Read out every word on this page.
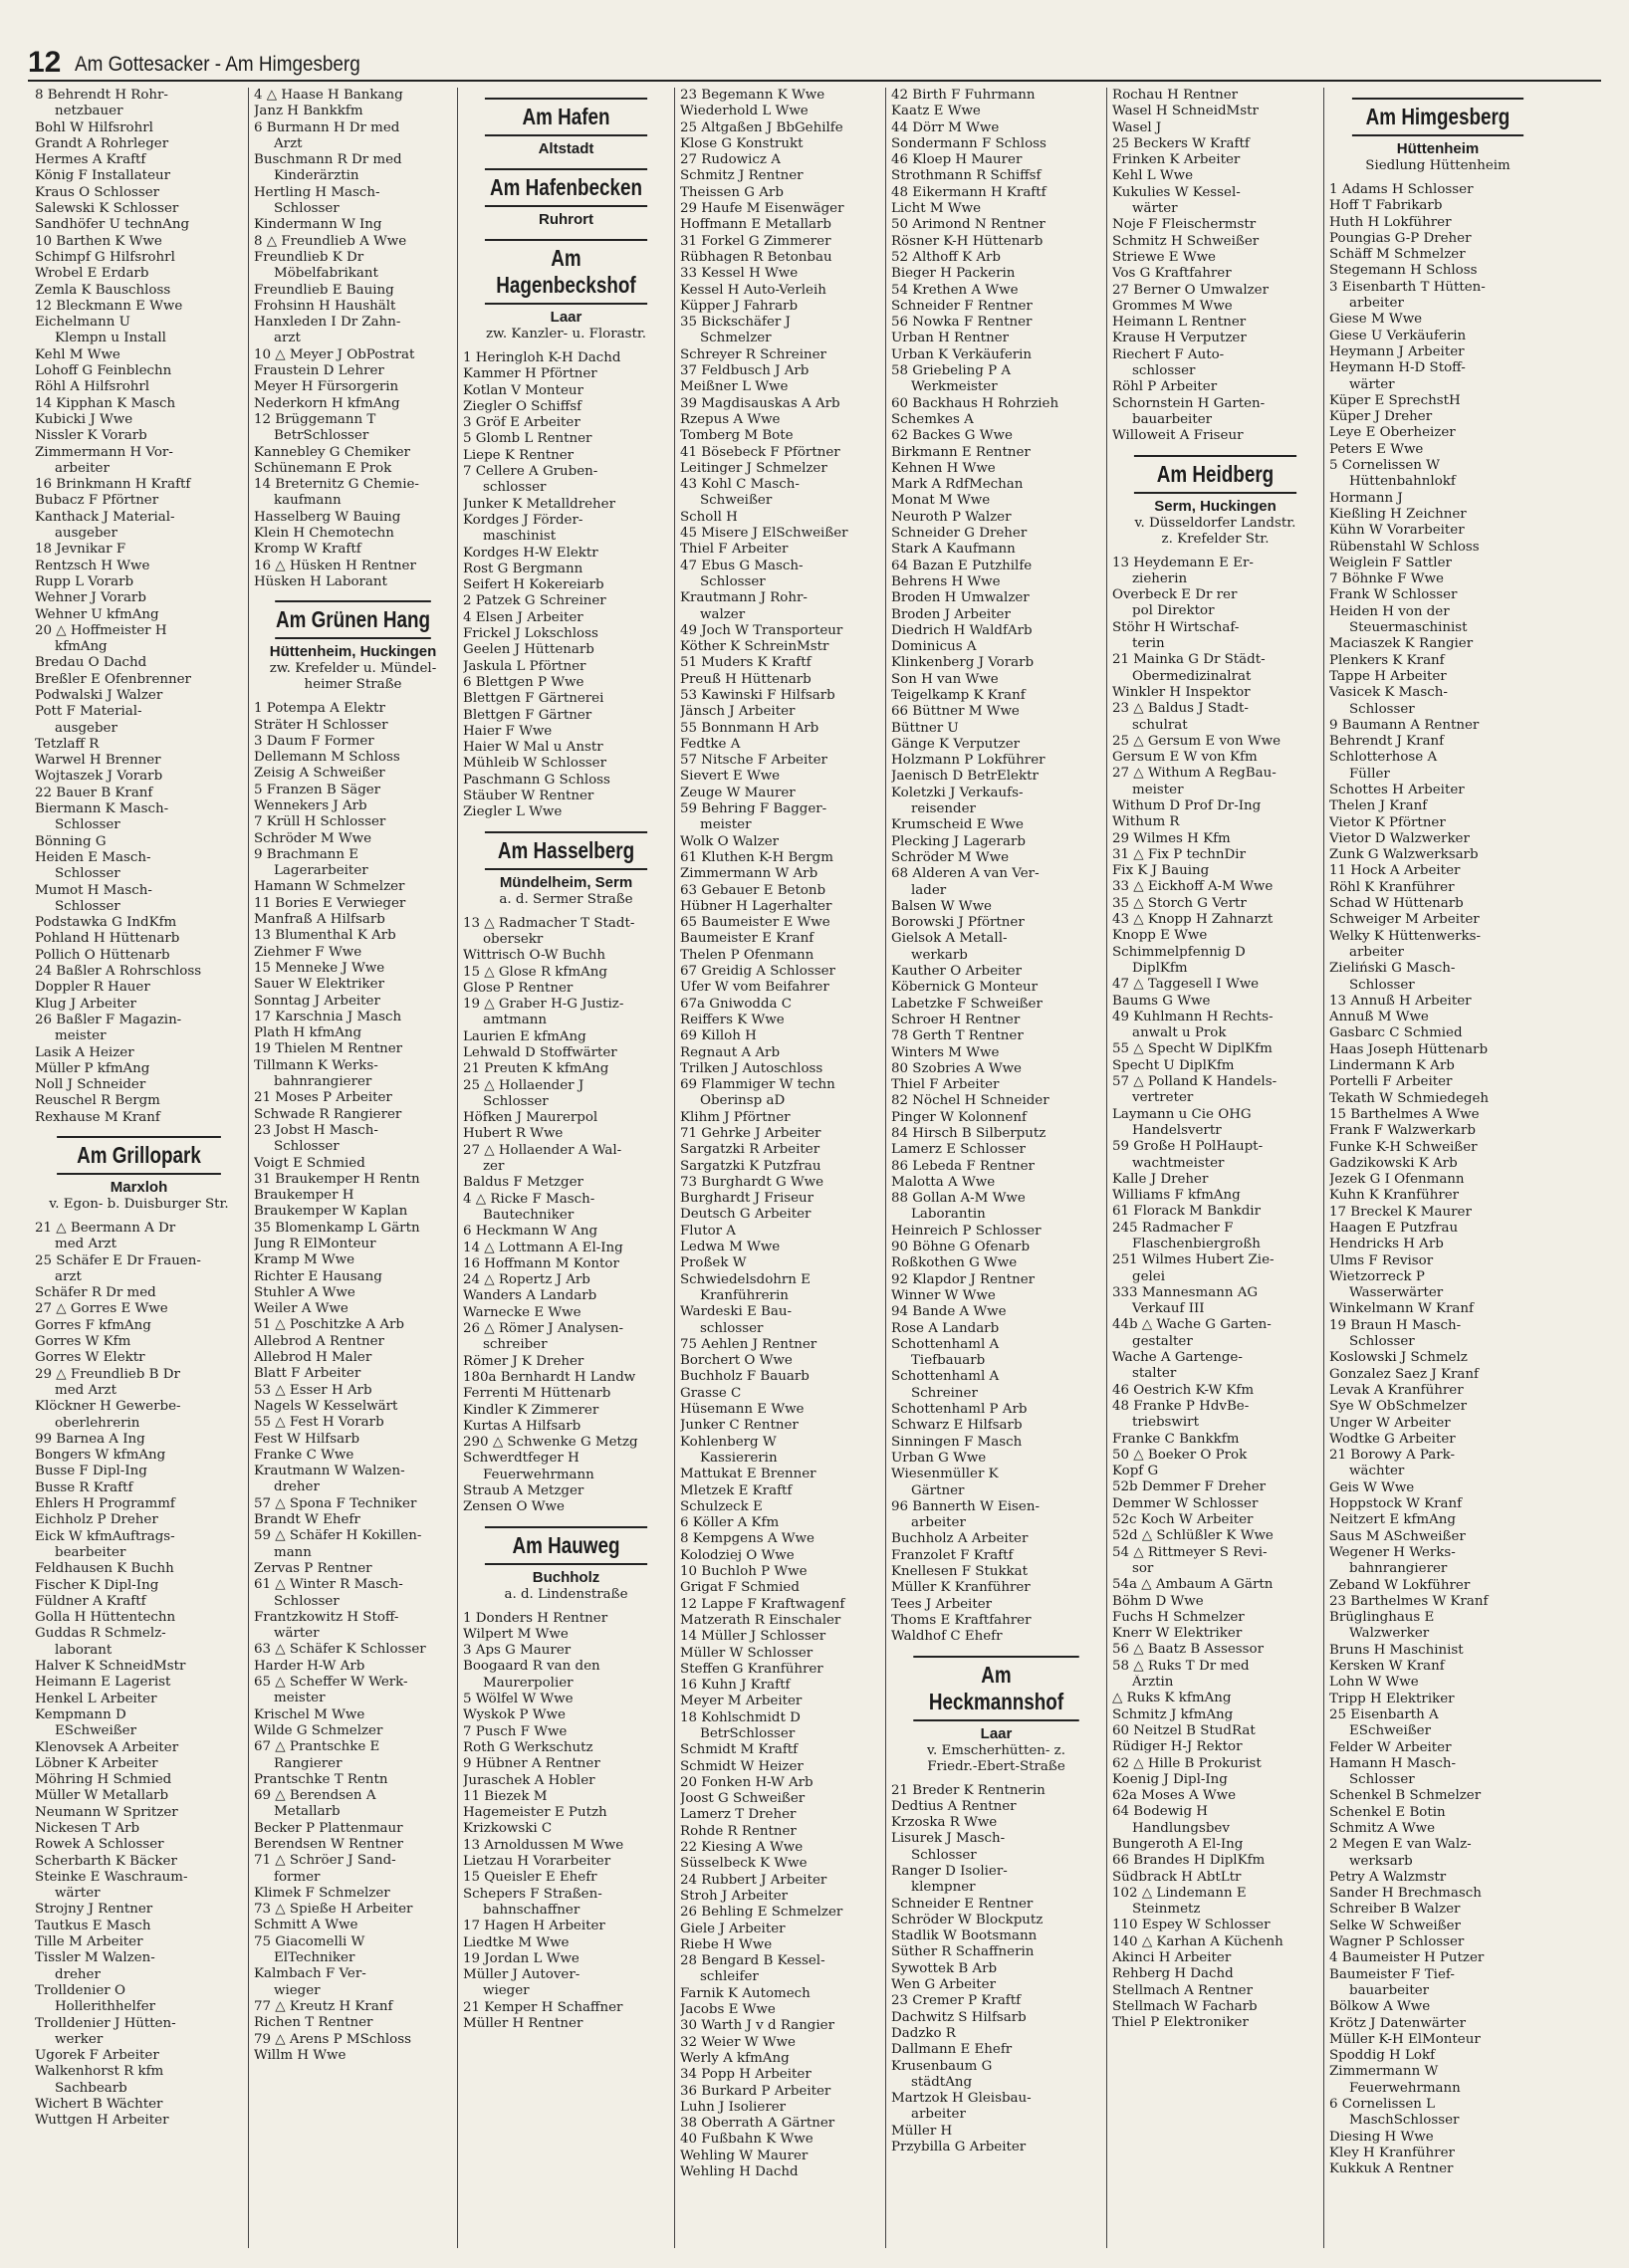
12 Am Gottesacker - Am Himgesberg
8 Behrendt H Rohr-
netzbauer
Bohl W Hilfsrohrl
Grandt A Rohrleger
Hermes A Kraftf
König F Installateur
Kraus O Schlosser
Salewski K Schlosser
Sandhöfer U technAng
10 Barthen K Wwe
Schimpf G Hilfsrohrl
Wrobel E Erdarb
Zemla K Bauschloss
12 Bleckmann E Wwe
Eichelmann U
Klempn u Install
Kehl M Wwe
Lohoff G Feinblechn
Röhl A Hilfsrohrl
14 Kipphan K Masch
Kubicki J Wwe
Nissler K Vorarb
Zimmermann H Vor-
arbeiter
16 Brinkmann H Kraftf
Bubacz F Pförtner
Kanthack J Material-
ausgeber
18 Jevnikar F
Rentzsch H Wwe
Rupp L Vorarb
Wehner J Vorarb
Wehner U kfmAng
20 △ Hoffmeister H
kfmAng
Bredau O Dachd
Breßler E Ofenbrenner
Podwalski J Walzer
Pott F Material-
ausgeber
Tetzlaff R
Warwel H Brenner
Wojtaszek J Vorarb
22 Bauer B Kranf
Biermann K Masch-
Schlosser
Bönning G
Heiden E Masch-
Schlosser
Mumot H Masch-
Schlosser
Podstawka G IndKfm
Pohland H Hüttenarb
Pollich O Hüttenarb
24 Baßler A Rohrschloss
Doppler R Hauer
Klug J Arbeiter
26 Baßler F Magazin-
meister
Lasik A Heizer
Müller P kfmAng
Noll J Schneider
Reuschel R Bergm
Rexhause M Kranf
Am Grillopark
Marxloh
v. Egon- b. Duisburger Str.
21 △ Beermann A Dr
med Arzt
25 Schäfer E Dr Frauen-
arzt
Schäfer R Dr med
27 △ Gorres E Wwe
Gorres F kfmAng
Gorres W Kfm
Gorres W Elektr
29 △ Freundlieb B Dr
med Arzt
Klöckner H Gewerbe-
oberlehrerin
99 Barnea A Ing
Bongers W kfmAng
Busse F Dipl-Ing
Busse R Kraftf
Ehlers H Programmf
Eichholz P Dreher
Eick W kfmAuftrags-
bearbeiter
Feldhausen K Buchh
Fischer K Dipl-Ing
Füldner A Kraftf
Golla H Hüttentechn
Guddas R Schmelz-
laborant
Halver K SchneidMstr
Heimann E Lagerist
Henkel L Arbeiter
Kempmann D
ESchweißer
Klenovsek A Arbeiter
Löbner K Arbeiter
Möhring H Schmied
Müller W Metallarb
Neumann W Spritzer
Nickesen T Arb
Rowek A Schlosser
Scherbarth K Bäcker
Steinke E Waschraum-
wärter
Strojny J Rentner
Tautkus E Masch
Tille M Arbeiter
Tissler M Walzen-
dreher
Trolldenier O
Hollerithhelfer
Trolldenier J Hütten-
werker
Ugorek F Arbeiter
Walkenhorst R kfm
Sachbearb
Wichert B Wächter
Wuttgen H Arbeiter
4 △ Haase H Bankang
Janz H Bankkfm
6 Burmann H Dr med
Arzt
Buschmann R Dr med
Kinderärztin
Hertling H Masch-
Schlosser
Kindermann W Ing
8 △ Freundlieb A Wwe
Freundlieb K Dr
Möbelfabrikant
Freundlieb E Bauing
Frohsinn H Haushält
Hanxleden I Dr Zahn-
arzt
10 △ Meyer J ObPostrat
Fraustein D Lehrer
Meyer H Fürsorgerin
Nederkorn H kfmAng
12 Brüggemann T
BetrSchlosser
Kannebley G Chemiker
Schünemann E Prok
14 Breternitz G Chemie-
kaufmann
Hasselberg W Bauing
Klein H Chemotechn
Kromp W Kraftf
16 △ Hüsken H Rentner
Hüsken H Laborant
Am Grünen Hang
Hüttenheim, Huckingen
zw. Krefelder u. Mündel-
heimer Straße
1 Potempa A Elektr
Sträter H Schlosser
3 Daum F Former
Dellemann M Schloss
Zeisig A Schweißer
5 Franzen B Säger
Wennekers J Arb
7 Krüll H Schlosser
Schröder M Wwe
9 Brachmann E
Lagerarbeiter
Hamann W Schmelzer
11 Bories E Verwieger
Manfraß A Hilfsarb
13 Blumenthal K Arb
Ziehmer F Wwe
15 Menneke J Wwe
Sauer W Elektriker
Sonntag J Arbeiter
17 Karschnia J Masch
Plath H kfmAng
19 Thielen M Rentner
Tillmann K Werks-
bahnrangierer
21 Moses P Arbeiter
Schwade R Rangierer
23 Jobst H Masch-
Schlosser
Voigt E Schmied
31 Braukemper H Rentn
Braukemper H
Braukemper W Kaplan
35 Blomenkamp L Gärtn
Jung R ElMonteur
Kramp M Wwe
Richter E Hausang
Stuhler A Wwe
Weiler A Wwe
51 △ Poschitzke A Arb
Allebrod A Rentner
Allebrod H Maler
Blatt F Arbeiter
53 △ Esser H Arb
Nagels W Kesselwärt
55 △ Fest H Vorarb
Fest W Hilfsarb
Franke C Wwe
Krautmann W Walzen-
dreher
57 △ Spona F Techniker
Brandt W Ehefr
59 △ Schäfer H Kokillen-
mann
Zervas P Rentner
61 △ Winter R Masch-
Schlosser
Frantzkowitz H Stoff-
wärter
63 △ Schäfer K Schlosser
Harder H-W Arb
65 △ Scheffer W Werk-
meister
Krischel M Wwe
Wilde G Schmelzer
67 △ Prantschke E
Rangierer
Prantschke T Rentn
69 △ Berendsen A
Metallarb
Becker P Plattenmaur
Berendsen W Rentner
71 △ Schröer J Sand-
former
Klimek F Schmelzer
73 △ Spieße H Arbeiter
Schmitt A Wwe
75 Giacomelli W
ElTechniker
Kalmbach F Ver-
wieger
77 △ Kreutz H Kranf
Richen T Rentner
79 △ Arens P MSchloss
Willm H Wwe
Am Hafen
Altstadt
Am Hafenbecken
Ruhrort
Am Hagenbeckshof
Laar
zw. Kanzler- u. Florastr.
1 Heringloh K-H Dachd
Kammer H Pförtner
Kotlan V Monteur
Ziegler O Schiffsf
3 Gröf E Arbeiter
5 Glomb L Rentner
Liepe K Rentner
7 Cellere A Gruben-
schlosser
Junker K Metalldreher
Kordges J Förder-
maschinist
Kordges H-W Elektr
Rost G Bergmann
Seifert H Kokereiarb
2 Patzek G Schreiner
4 Elsen J Arbeiter
Frickel J Lokschloss
Geelen J Hüttenarb
Jaskula L Pförtner
6 Blettgen P Wwe
Blettgen F Gärtnerei
Blettgen F Gärtner
Haier F Wwe
Haier W Mal u Anstr
Mühleib W Schlosser
Paschmann G Schloss
Stäuber W Rentner
Ziegler L Wwe
Am Hasselberg
Mündelheim, Serm
a. d. Sermer Straße
13 △ Radmacher T Stadt-
obersekr
Wittrisch O-W Buchh
15 △ Glose R kfmAng
Glose P Rentner
19 △ Graber H-G Justiz-
amtmann
Laurien E kfmAng
Lehwald D Stoffwärter
21 Preuten K kfmAng
25 △ Hollaender J
Schlosser
Höfken J Maurerpol
Hubert R Wwe
27 △ Hollaender A Wal-
zer
Baldus F Metzger
4 △ Ricke F Masch-
Bautechniker
6 Heckmann W Ang
14 △ Lottmann A El-Ing
16 Hoffmann M Kontor
24 △ Ropertz J Arb
Wanders A Landarb
Warnecke E Wwe
26 △ Römer J Analysen-
schreiber
Römer J K Dreher
180a Bernhardt H Landw
Ferrenti M Hüttenarb
Kindler K Zimmerer
Kurtas A Hilfsarb
290 △ Schwenke G Metzg
Schwerdtfeger H
Feuerwehrmann
Straub A Metzger
Zensen O Wwe
Am Hauweg
Buchholz
a. d. Lindenstraße
1 Donders H Rentner
Wilpert M Wwe
3 Aps G Maurer
Boogaard R van den
Maurerpolier
5 Wölfel W Wwe
Wyskok P Wwe
7 Pusch F Wwe
Roth G Werkschutz
9 Hübner A Rentner
Juraschek A Hobler
11 Biezek M
Hagemeister E Putzh
Krizkowski C
13 Arnoldussen M Wwe
Lietzau H Vorarbeiter
15 Queisler E Ehefr
Schepers F Straßen-
bahnschaffner
17 Hagen H Arbeiter
Liedtke M Wwe
19 Jordan L Wwe
Müller J Autover-
wieger
21 Kemper H Schaffner
Müller H Rentner
23 Begemann K Wwe
Wiederhold L Wwe
25 Altgaßen J BbGehilfe
Klose G Konstrukt
27 Rudowicz A
Schmitz J Rentner
Theissen G Arb
29 Haufe M Eisenwäger
Hoffmann E Metallarb
31 Forkel G Zimmerer
Rübhagen R Betonbau
33 Kessel H Wwe
Kessel H Auto-Verleih
Küpper J Fahrarb
35 Bickschäfer J
Schmelzer
Schreyer R Schreiner
37 Feldbusch J Arb
Meißner L Wwe
39 Magdisauskas A Arb
Rzepus A Wwe
Tomberg M Bote
41 Bösebeck F Pförtner
Leitinger J Schmelzer
43 Kohl C Masch-
Schweißer
Scholl H
45 Misere J ElSchweißer
Thiel F Arbeiter
47 Ebus G Masch-
Schlosser
Krautmann J Rohr-
walzer
49 Joch W Transporteur
Köther K SchreinMstr
51 Muders K Kraftf
Preuß H Hüttenarb
53 Kawinski F Hilfsarb
Jänsch J Arbeiter
55 Bonnmann H Arb
Fedtke A
57 Nitsche F Arbeiter
Sievert E Wwe
Zeuge W Maurer
59 Behring F Bagger-
meister
Wolk O Walzer
61 Kluthen K-H Bergm
Zimmermann W Arb
63 Gebauer E Betonb
Hübner H Lagerhalter
65 Baumeister E Wwe
Baumeister E Kranf
Thelen P Ofenmann
67 Greidig A Schlosser
Ufer W vom Beifahrer
67a Gniwodda C
Reiffers K Wwe
69 Killoh H
Regnaut A Arb
Trilken J Autoschloss
69 Flammiger W techn
Oberinsp aD
Klihm J Pförtner
71 Gehrke J Arbeiter
Sargatzki R Arbeiter
Sargatzki K Putzfrau
73 Burghardt G Wwe
Burghardt J Friseur
Deutsch G Arbeiter
Flutor A
Ledwa M Wwe
Proßek W
Schwiedelsdohrn E
Kranführerin
Wardeski E Bau-
schlosser
75 Aehlen J Rentner
Borchert O Wwe
Buchholz F Bauarb
Grasse C
Hüsemann E Wwe
Junker C Rentner
Kohlenberg W
Kassiererin
Mattukat E Brenner
Mletzek E Kraftf
Schulzeck E
6 Köller A Kfm
8 Kempgens A Wwe
Kolodziej O Wwe
10 Buchloh P Wwe
Grigat F Schmied
12 Lappe F Kraftwagenf
Matzerath R Einschaler
14 Müller J Schlosser
Müller W Schlosser
Steffen G Kranführer
16 Kuhn J Kraftf
Meyer M Arbeiter
18 Kohlschmidt D
BetrSchlosser
Schmidt M Kraftf
Schmidt W Heizer
20 Fonken H-W Arb
Joost G Schweißer
Lamerz T Dreher
Rohde R Rentner
22 Kiesing A Wwe
Süsselbeck K Wwe
24 Rubbert J Arbeiter
Stroh J Arbeiter
26 Behling E Schmelzer
Giele J Arbeiter
Riebe H Wwe
28 Bengard B Kessel-
schleifer
Farnik K Automech
Jacobs E Wwe
30 Warth J v d Rangier
32 Weier W Wwe
Werly A kfmAng
34 Popp H Arbeiter
36 Burkard P Arbeiter
Luhn J Isolierer
38 Oberrath A Gärtner
40 Fußbahn K Wwe
Wehling W Maurer
Wehling H Dachd
42 Birth F Fuhrmann
Kaatz E Wwe
44 Dörr M Wwe
Sondermann F Schloss
46 Kloep H Maurer
Strothmann R Schiffsf
48 Eikermann H Kraftf
Licht M Wwe
50 Arimond N Rentner
Rösner K-H Hüttenarb
52 Althoff K Arb
Bieger H Packerin
54 Krethen A Wwe
Schneider F Rentner
56 Nowka F Rentner
Urban H Rentner
Urban K Verkäuferin
58 Griebeling P A
Werkmeister
60 Backhaus H Rohrzieh
Schemkes A
62 Backes G Wwe
Birkmann E Rentner
Kehnen H Wwe
Mark A RdfMechan
Monat M Wwe
Neuroth P Walzer
Schneider G Dreher
Stark A Kaufmann
64 Bazan E Putzhilfe
Behrens H Wwe
Broden H Umwalzer
Broden J Arbeiter
Diedrich H WaldfArb
Dominicus A
Klinkenberg J Vorarb
Son H van Wwe
Teigelkamp K Kranf
66 Büttner M Wwe
Büttner U
Gänge K Verputzer
Holzmann P Lokführer
Jaenisch D BetrElektr
Koletzki J Verkaufs-
reisender
Krumscheid E Wwe
Plecking J Lagerarb
Schröder M Wwe
68 Alderen A van Ver-
lader
Balsen W Wwe
Borowski J Pförtner
Gielsok A Metall-
werkarb
Kauther O Arbeiter
Köbernick G Monteur
Labetzke F Schweißer
Schroer H Rentner
78 Gerth T Rentner
Winters M Wwe
80 Szobries A Wwe
Thiel F Arbeiter
82 Nöchel H Schneider
Pinger W Kolonnenf
84 Hirsch B Silberputz
Lamerz E Schlosser
86 Lebeda F Rentner
Malotta A Wwe
88 Gollan A-M Wwe
Laborantin
Heinreich P Schlosser
90 Böhne G Ofenarb
Roßkothen G Wwe
92 Klapdor J Rentner
Winner W Wwe
94 Bande A Wwe
Rose A Landarb
Schottenhaml A
Tiefbauarb
Schottenhaml A
Schreiner
Schottenhaml P Arb
Schwarz E Hilfsarb
Sinningen F Masch
Urban G Wwe
Wiesenmüller K
Gärtner
96 Bannerth W Eisen-
arbeiter
Buchholz A Arbeiter
Franzolet F Kraftf
Knellesen F Stukkat
Müller K Kranführer
Tees J Arbeiter
Thoms E Kraftfahrer
Waldhof C Ehefr
Am Heckmannshof
Laar
v. Emscherhütten- z.
Friedr.-Ebert-Straße
21 Breder K Rentnerin
Dedtius A Rentner
Krzoska R Wwe
Lisurek J Masch-
Schlosser
Ranger D Isolier-
klempner
Schneider E Rentner
Schröder W Blockputz
Stadlik W Bootsmann
Süther R Schaffnerin
Sywottek B Arb
Wen G Arbeiter
23 Cremer P Kraftf
Dachwitz S Hilfsarb
Dadzko R
Dallmann E Ehefr
Krusenbaum G
städtAng
Martzok H Gleisbau-
arbeiter
Müller H
Przybilla G Arbeiter
Rochau H Rentner
Wasel H SchneidMstr
Wasel J
25 Beckers W Kraftf
Frinken K Arbeiter
Kehl L Wwe
Kukulies W Kessel-
wärter
Noje F Fleischermstr
Schmitz H Schweißer
Striewe E Wwe
Vos G Kraftfahrer
27 Berner O Umwalzer
Grommes M Wwe
Heimann L Rentner
Krause H Verputzer
Riechert F Auto-
schlosser
Röhl P Arbeiter
Schornstein H Garten-
bauarbeiter
Willoweit A Friseur
Am Heidberg
Serm, Huckingen
v. Düsseldorfer Landstr.
z. Krefelder Str.
13 Heydemann E Er-
zieherin
Overbeck E Dr rer
pol Direktor
Stöhr H Wirtschaf-
terin
21 Mainka G Dr Städt-
Obermedizinalrat
Winkler H Inspektor
23 △ Baldus J Stadt-
schulrat
25 △ Gersum E von Wwe
Gersum E W von Kfm
27 △ Withum A RegBau-
meister
Withum D Prof Dr-Ing
Withum R
29 Wilmes H Kfm
31 △ Fix P technDir
Fix K J Bauing
33 △ Eickhoff A-M Wwe
35 △ Storch G Vertr
43 △ Knopp H Zahnarzt
Knopp E Wwe
Schimmelpfennig D
DiplKfm
47 △ Taggesell I Wwe
Baums G Wwe
49 Kuhlmann H Rechts-
anwalt u Prok
55 △ Specht W DiplKfm
Specht U DiplKfm
57 △ Polland K Handels-
vertreter
Laymann u Cie OHG
Handelsvertr
59 Große H PolHaupt-
wachtmeister
Kalle J Dreher
Williams F kfmAng
61 Florack M Bankdir
245 Radmacher F
Flaschenbiergroßh
251 Wilmes Hubert Zie-
gelei
333 Mannesmann AG
Verkauf III
44b △ Wache G Garten-
gestalter
Wache A Gartenge-
stalter
46 Oestrich K-W Kfm
48 Franke P HdvBe-
triebswirt
Franke C Bankkfm
50 △ Boeker O Prok
Kopf G
52b Demmer F Dreher
Demmer W Schlosser
52c Koch W Arbeiter
52d △ Schlüßler K Wwe
54 △ Rittmeyer S Revi-
sor
54a △ Ambaum A Gärtn
Böhm D Wwe
Fuchs H Schmelzer
Knerr W Elektriker
56 △ Baatz B Assessor
58 △ Ruks T Dr med
Ärztin
△ Ruks K kfmAng
Schmitz J kfmAng
60 Neitzel B StudRat
Rüdiger H-J Rektor
62 △ Hille B Prokurist
Koenig J Dipl-Ing
62a Moses A Wwe
64 Bodewig H
Handlungsbev
Bungeroth A El-Ing
66 Brandes H DiplKfm
Südbrack H AbtLtr
102 △ Lindemann E
Steinmetz
110 Espey W Schlosser
140 △ Karhan A Küchenh
Akinci H Arbeiter
Rehberg H Dachd
Stellmach A Rentner
Stellmach W Facharb
Thiel P Elektroniker
Am Himgesberg
Hüttenheim
Siedlung Hüttenheim
1 Adams H Schlosser
Hoff T Fabrikarb
Huth H Lokführer
Poungias G-P Dreher
Schäff M Schmelzer
Stegemann H Schloss
3 Eisenbarth T Hütten-
arbeiter
Giese M Wwe
Giese U Verkäuferin
Heymann J Arbeiter
Heymann H-D Stoff-
wärter
Küper E SprechstH
Küper J Dreher
Leye E Oberheizer
Peters E Wwe
5 Cornelissen W
Hüttenbahnlokf
Hormann J
Kießling H Zeichner
Kühn W Vorarbeiter
Rübenstahl W Schloss
Weiglein F Sattler
7 Böhnke F Wwe
Frank W Schlosser
Heiden H von der
Steuermaschinist
Maciaszek K Rangier
Plenkers K Kranf
Tappe H Arbeiter
Vasicek K Masch-
Schlosser
9 Baumann A Rentner
Behrendt J Kranf
Schlotterhose A
Füller
Schottes H Arbeiter
Thelen J Kranf
Vietor K Pförtner
Vietor D Walzwerker
Zunk G Walzwerksarb
11 Hock A Arbeiter
Röhl K Kranführer
Schad W Hüttenarb
Schweiger M Arbeiter
Welky K Hüttenwerks-
arbeiter
Zieliński G Masch-
Schlosser
13 Annuß H Arbeiter
Annuß M Wwe
Gasbarc C Schmied
Haas Joseph Hüttenarb
Lindermann K Arb
Portelli F Arbeiter
Tekath W Schmiedegeh
15 Barthelmes A Wwe
Frank F Walzwerkarb
Funke K-H Schweißer
Gadzikowski K Arb
Jezek G I Ofenmann
Kuhn K Kranführer
17 Breckel K Maurer
Haagen E Putzfrau
Hendricks H Arb
Ulms F Revisor
Wietzorreck P
Wasserwärter
Winkelmann W Kranf
19 Braun H Masch-
Schlosser
Koslowski J Schmelz
Gonzalez Saez J Kranf
Levak A Kranführer
Sye W ObSchmelzer
Unger W Arbeiter
Wodtke G Arbeiter
21 Borowy A Park-
wächter
Geis W Wwe
Hoppstock W Kranf
Neitzert E kfmAng
Saus M ASchweißer
Wegener H Werks-
bahnrangierer
Zeband W Lokführer
23 Barthelmes W Kranf
Brüglinghaus E
Walzwerker
Bruns H Maschinist
Kersken W Kranf
Lohn W Wwe
Tripp H Elektriker
25 Eisenbarth A
ESchweißer
Felder W Arbeiter
Hamann H Masch-
Schlosser
Schenkel B Schmelzer
Schenkel E Botin
Schmitz A Wwe
2 Megen E van Walz-
werksarb
Petry A Walzmstr
Sander H Brechmasch
Schreiber B Walzer
Selke W Schweißer
Wagner P Schlosser
4 Baumeister H Putzer
Baumeister F Tief-
bauarbeiter
Bölkow A Wwe
Krötz J Datenwärter
Müller K-H ElMonteur
Spoddig H Lokf
Zimmermann W
Feuerwehrmann
6 Cornelissen L
MaschSchlosser
Diesing H Wwe
Kley H Kranführer
Kukkuk A Rentner
